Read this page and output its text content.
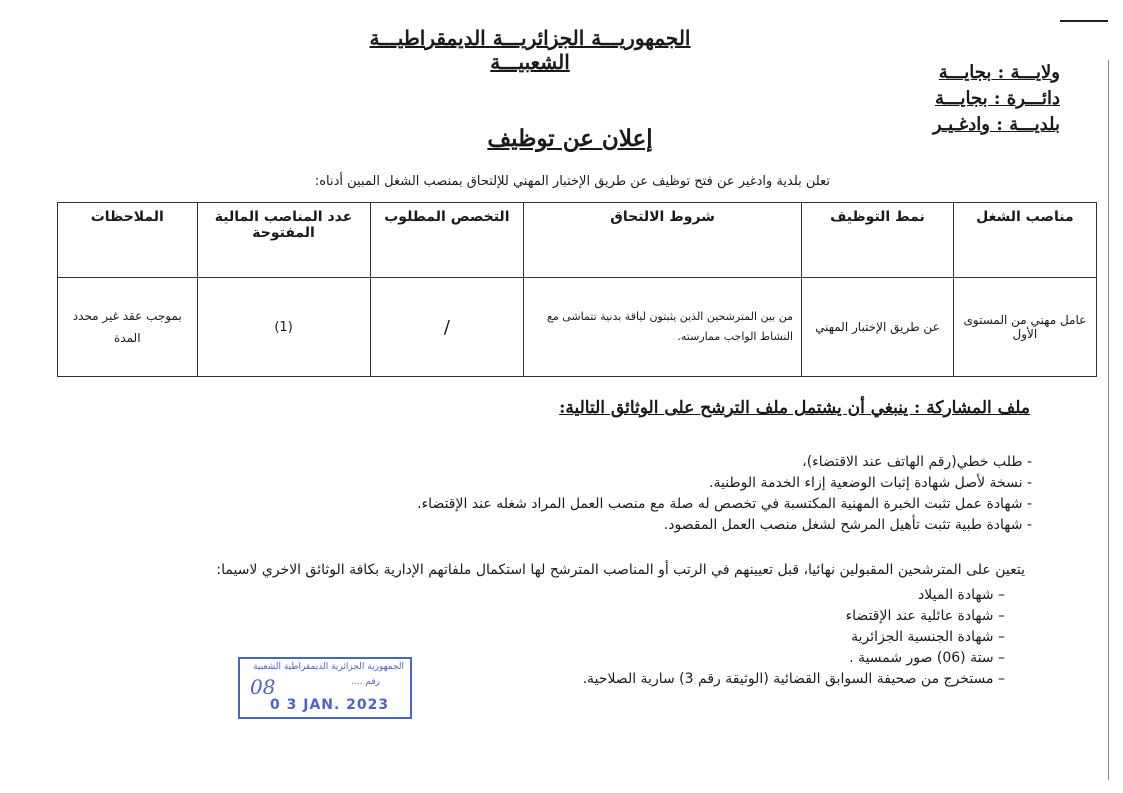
الجمهوريـــة الجزائريـــة الديمقراطيـــة الشعبيـــة	ولايـــة : بجايـــة
دائـــرة : بجايـــة
بلديـــة : وادغـيـر
إعلان عن توظيف
تعلن بلدية وادغير عن فتح توظيف عن طريق الإختبار المهني للإلتحاق بمنصب الشغل المبين أدناه:
مناصب الشغل	نمط التوظيف	شروط الالتحاق	التخصص المطلوب	عدد المناصب المالية المفتوحة	الملاحظات
عامل مهني من المستوى الأول	عن طريق الإختبار المهني	من بين المترشحين الذين يثبتون لياقة بدنية تتماشى مع النشاط الواجب ممارسته.	/	(1)	بموجب عقد غير محدد المدة
ملف المشاركة : ينبغي أن يشتمل ملف الترشح على الوثائق التالية:
- طلب خطي(رقم الهاتف عند الاقتضاء)،
- نسخة لأصل شهادة إثبات الوضعية إزاء الخدمة الوطنية.
- شهادة عمل تثبت الخبرة المهنية المكتسبة في تخصص له صلة مع منصب العمل المراد شغله عند الإقتضاء.
- شهادة طبية تثبت تأهيل المرشح لشغل منصب العمل المقصود.
يتعين على المترشحين المقبولين نهائيا، قبل تعيينهم في الرتب أو المناصب المترشح لها استكمال ملفاتهم الإدارية بكافة الوثائق الاخري لاسيما:
– شهادة الميلاد
– شهادة عائلية عند الإقتضاء
– شهادة الجنسية الجزائرية
– ستة (06) صور شمسية .
– مستخرج من صحيفة السوابق القضائية (الوثيقة رقم 3) سارية الصلاحية.
الجمهورية الجزائرية الديمقراطية الشعبية
رقم ....
08
0 3 JAN. 2023
